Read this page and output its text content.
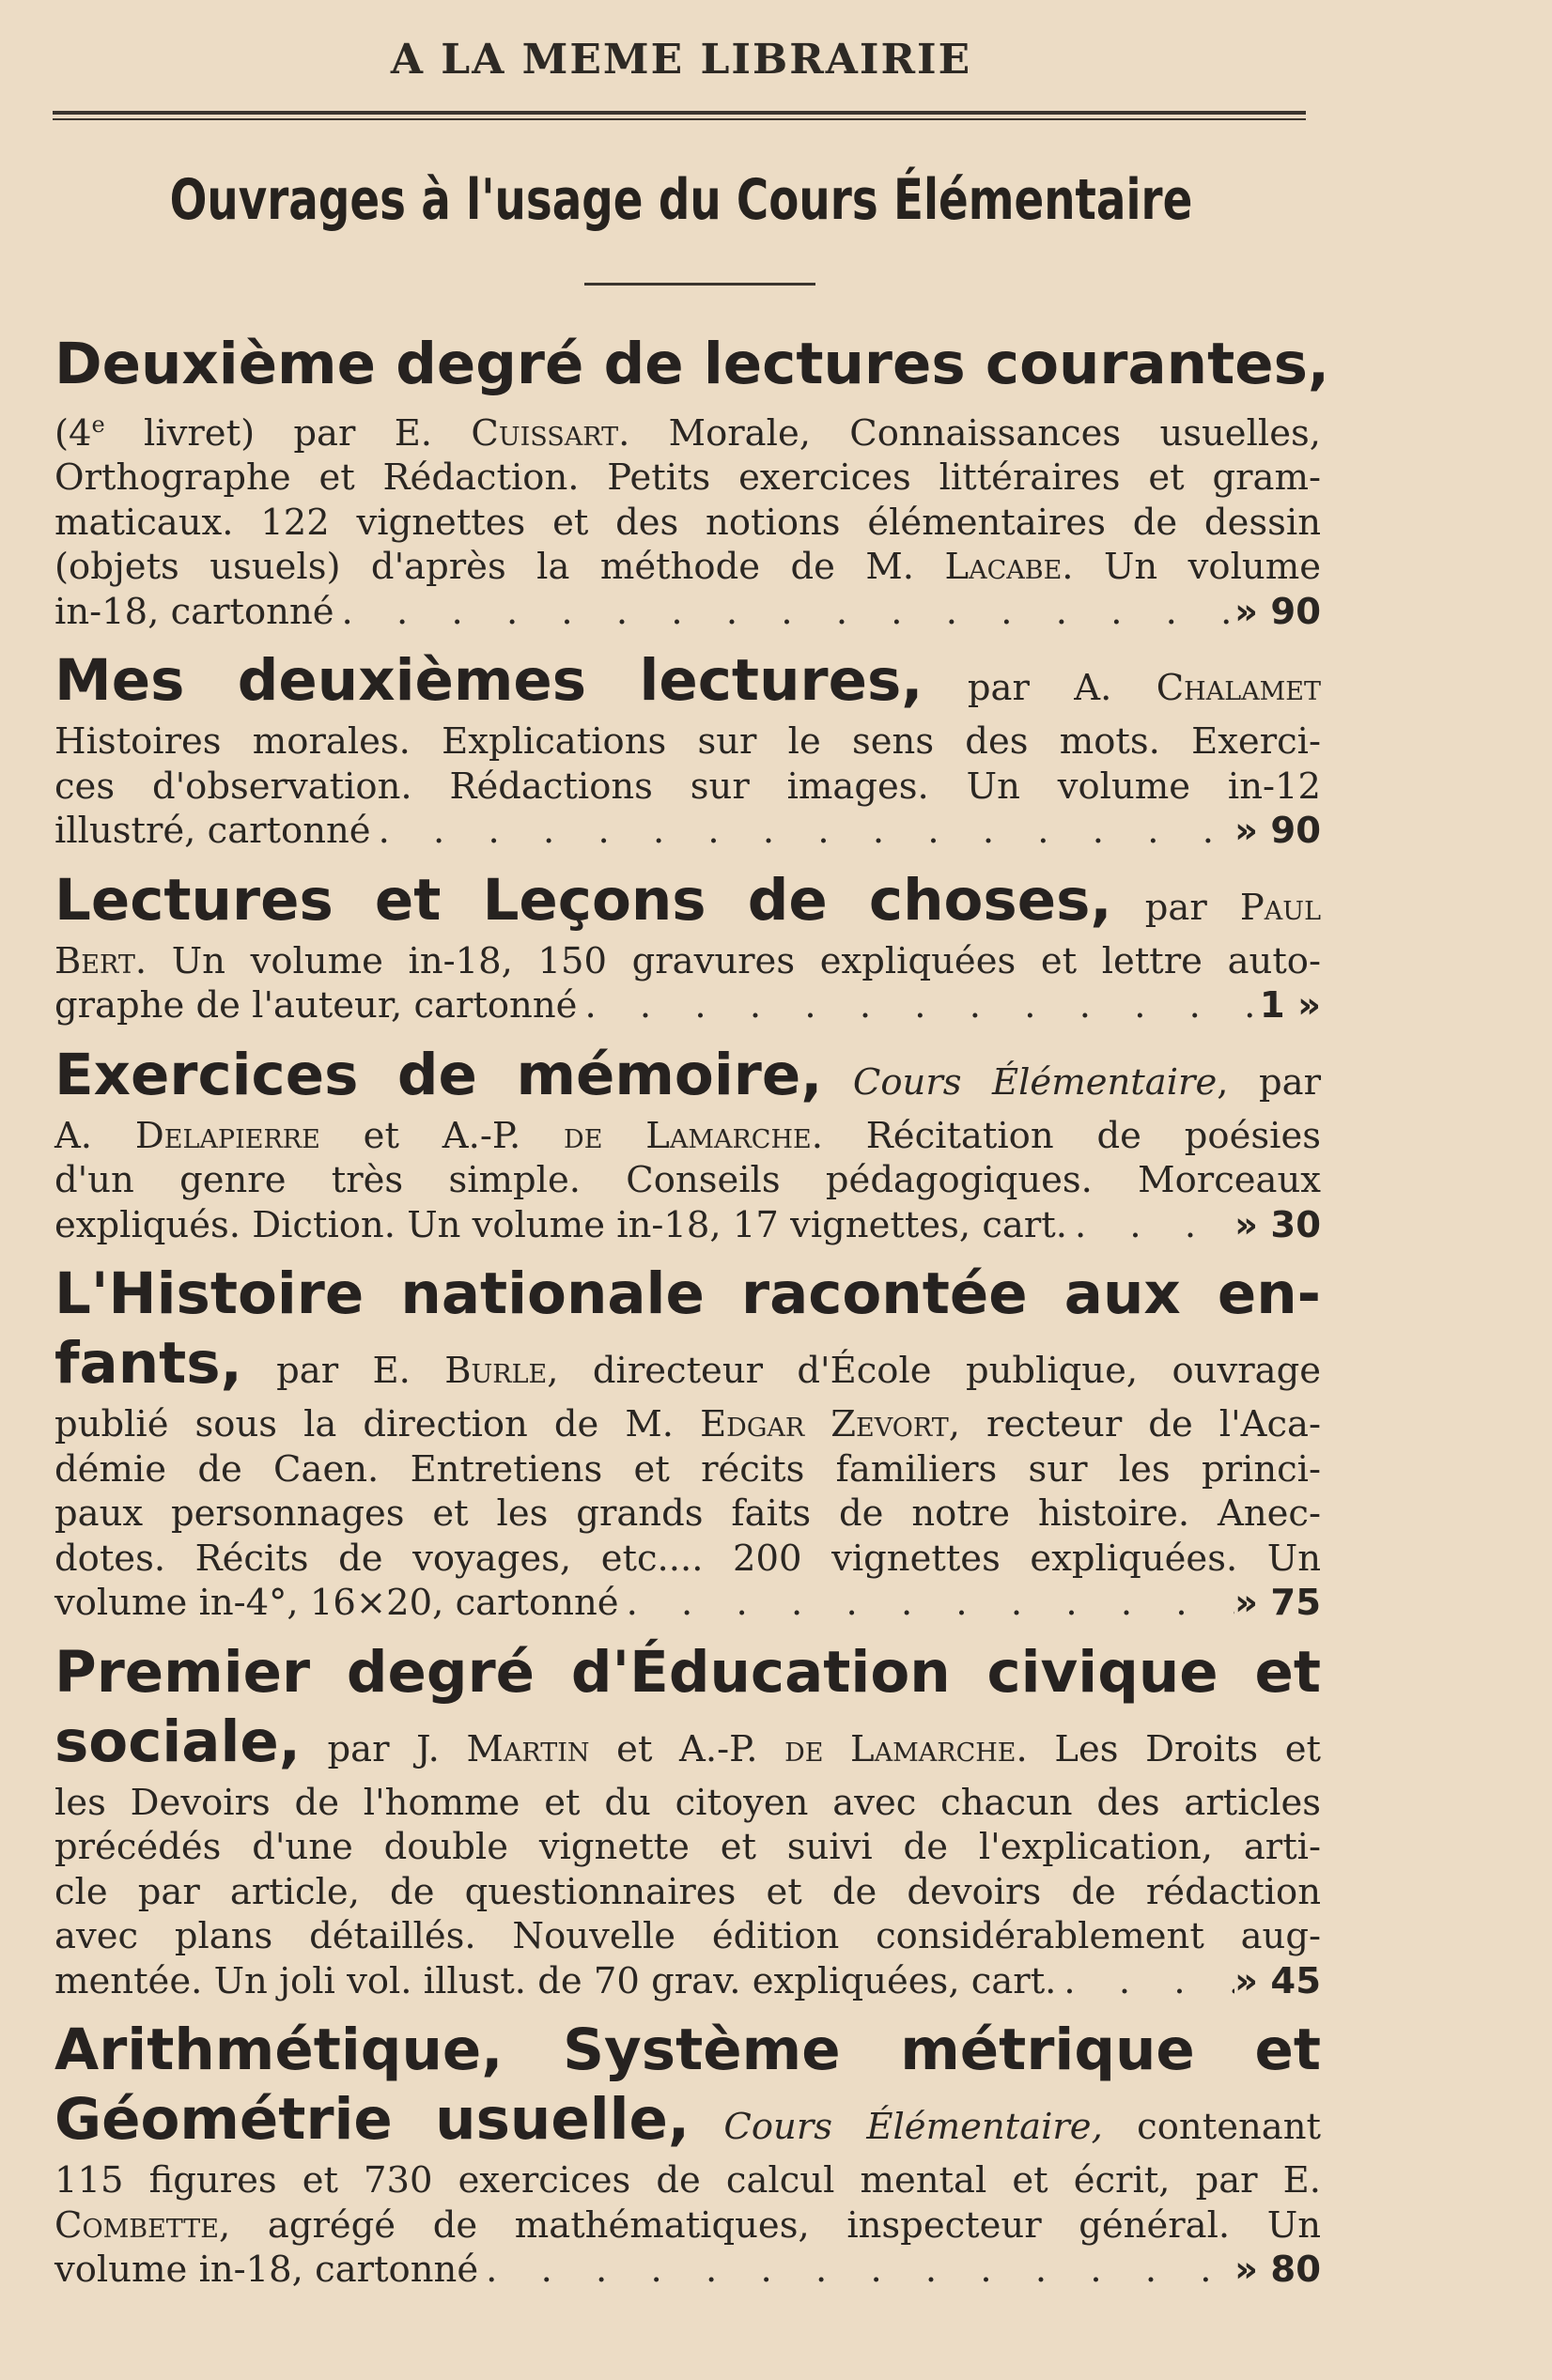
A LA MEME LIBRAIRIE
Ouvrages à l'usage du Cours Élémentaire
Deuxième degré de lectures courantes,
(4e livret) par E. Cuissart. Morale, Connaissances usuelles,
Orthographe et Rédaction. Petits exercices littéraires et gram-
maticaux. 122 vignettes et des notions élémentaires de dessin
(objets usuels) d'après la méthode de M. Lacabe. Un volume
in-18, cartonné . . .	» 90
Mes deuxièmes lectures, par A. Chalamet
Histoires morales. Explications sur le sens des mots. Exerci-
ces d'observation. Rédactions sur images. Un volume in-12
illustré, cartonné . . .	» 90
Lectures et Leçons de choses, par Paul
Bert. Un volume in-18, 150 gravures expliquées et lettre auto-
graphe de l'auteur, cartonné . . .	1 »
Exercices de mémoire, Cours Élémentaire, par
A. Delapierre et A.-P. de Lamarche. Récitation de poésies
d'un genre très simple. Conseils pédagogiques. Morceaux
expliqués. Diction. Un volume in-18, 17 vignettes, cart. . . .	» 30
L'Histoire nationale racontée aux en-
fants, par E. Burle, directeur d'École publique, ouvrage
publié sous la direction de M. Edgar Zevort, recteur de l'Aca-
démie de Caen. Entretiens et récits familiers sur les princi-
paux personnages et les grands faits de notre histoire. Anec-
dotes. Récits de voyages, etc.... 200 vignettes expliquées. Un
volume in-4°, 16×20, cartonné . . .	» 75
Premier degré d'Éducation civique et
sociale, par J. Martin et A.-P. de Lamarche. Les Droits et
les Devoirs de l'homme et du citoyen avec chacun des articles
précédés d'une double vignette et suivi de l'explication, arti-
cle par article, de questionnaires et de devoirs de rédaction
avec plans détaillés. Nouvelle édition considérablement aug-
mentée. Un joli vol. illust. de 70 grav. expliquées, cart. . . .	» 45
Arithmétique, Système métrique et
Géométrie usuelle, Cours Élémentaire, contenant
115 figures et 730 exercices de calcul mental et écrit, par E.
Combette, agrégé de mathématiques, inspecteur général. Un
volume in-18, cartonné . . .	» 80
